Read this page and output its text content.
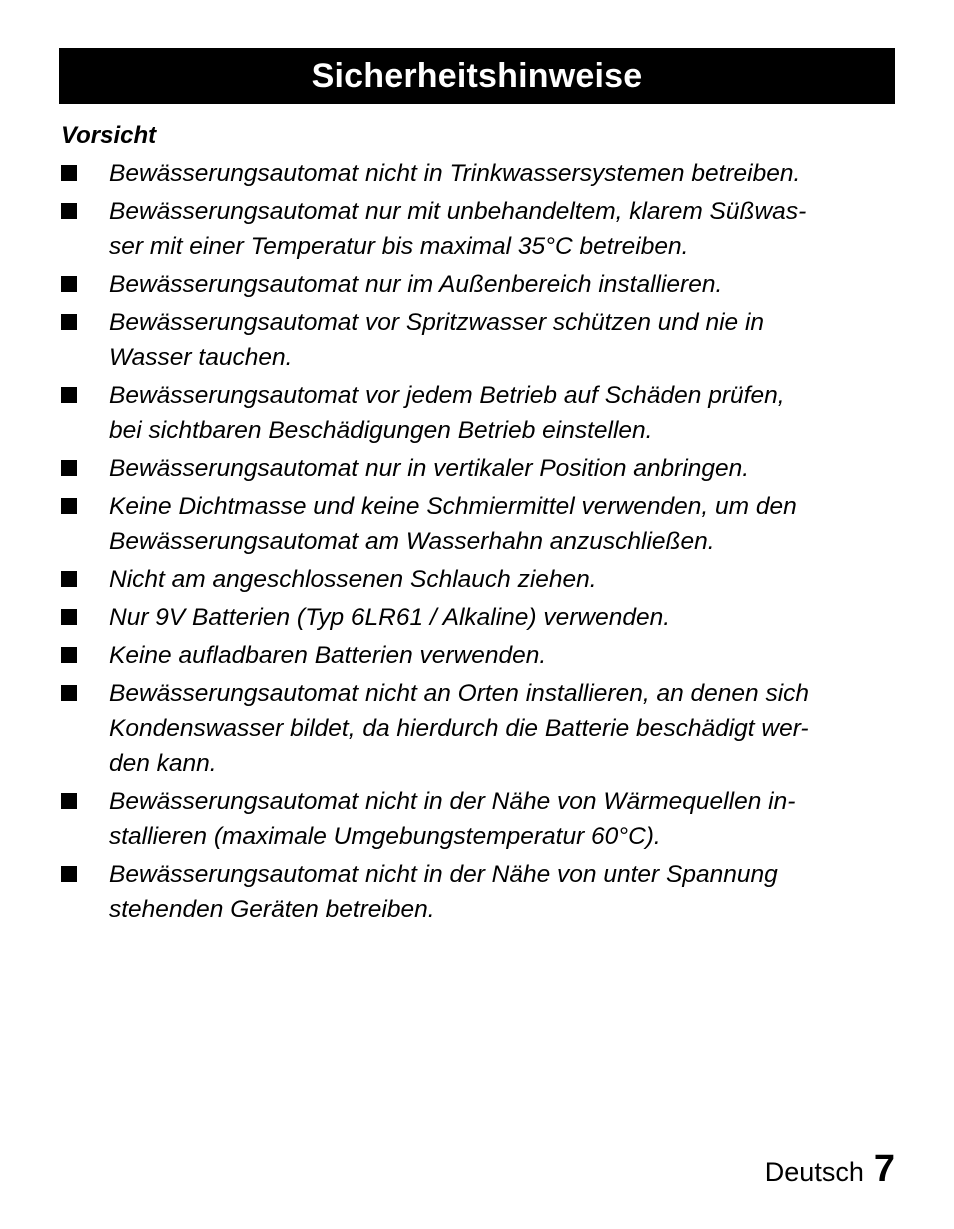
Sicherheitshinweise
Vorsicht
Bewässerungsautomat nicht in Trinkwassersystemen betreiben.
Bewässerungsautomat nur mit unbehandeltem, klarem Süßwas-
ser mit einer Temperatur bis maximal 35°C betreiben.
Bewässerungsautomat nur im Außenbereich installieren.
Bewässerungsautomat vor Spritzwasser schützen und nie in
Wasser tauchen.
Bewässerungsautomat vor jedem Betrieb auf Schäden prüfen,
bei sichtbaren Beschädigungen Betrieb einstellen.
Bewässerungsautomat nur in vertikaler Position anbringen.
Keine Dichtmasse und keine Schmiermittel verwenden, um den
Bewässerungsautomat am Wasserhahn anzuschließen.
Nicht am angeschlossenen Schlauch ziehen.
Nur 9V Batterien (Typ 6LR61 / Alkaline) verwenden.
Keine aufladbaren Batterien verwenden.
Bewässerungsautomat nicht an Orten installieren, an denen sich
Kondenswasser bildet, da hierdurch die Batterie beschädigt wer-
den kann.
Bewässerungsautomat nicht in der Nähe von Wärmequellen in-
stallieren (maximale Umgebungstemperatur 60°C).
Bewässerungsautomat nicht in der Nähe von unter Spannung
stehenden Geräten betreiben.
Deutsch 7
